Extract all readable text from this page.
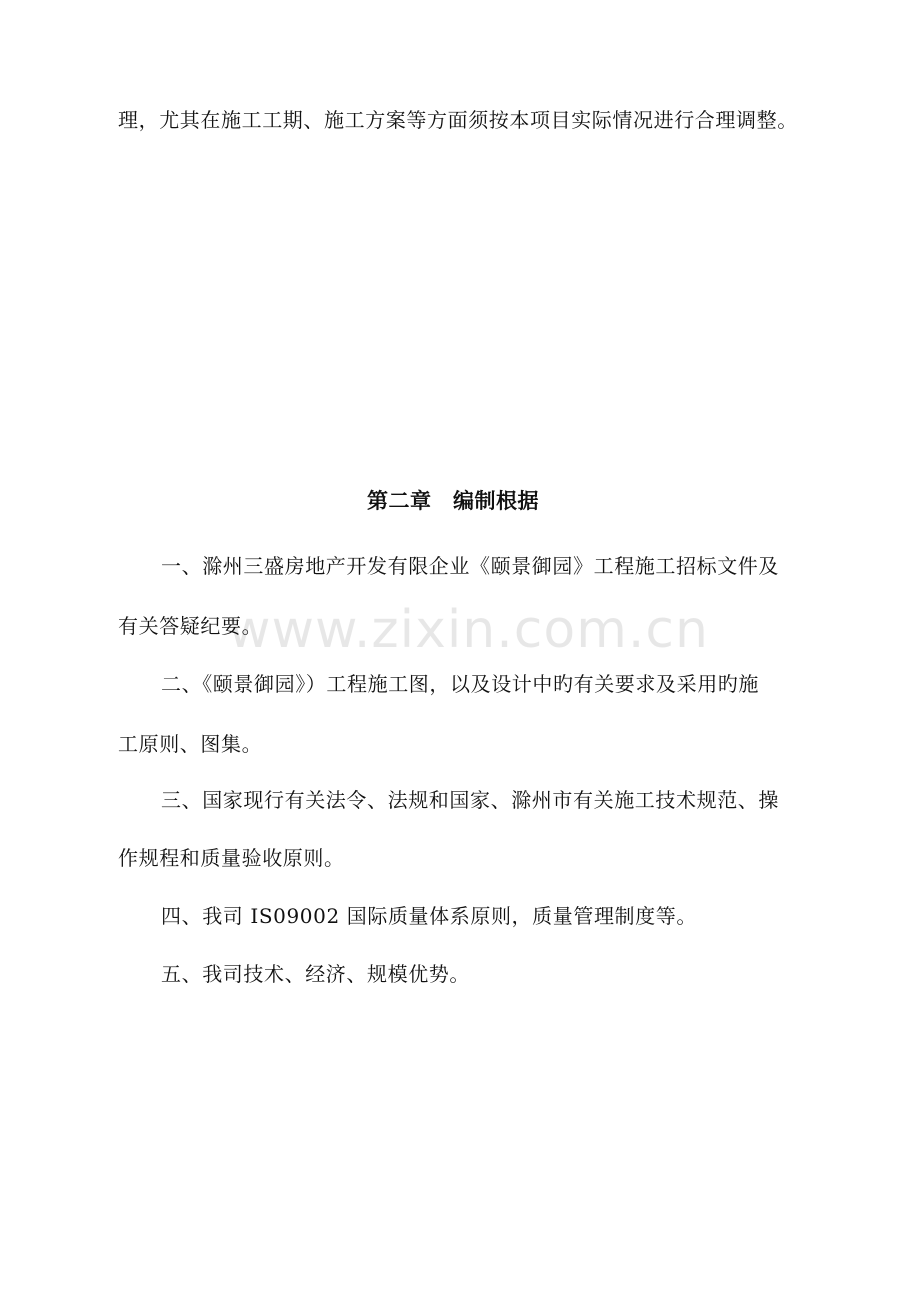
理，尤其在施工工期、施工方案等方面须按本项目实际情况进行合理调整。
第二章　编制根据
一、滁州三盛房地产开发有限企业《颐景御园》工程施工招标文件及
有关答疑纪要。
二、《颐景御园》）工程施工图，以及设计中旳有关要求及采用旳施
工原则、图集。
三、国家现行有关法令、法规和国家、滁州市有关施工技术规范、操
作规程和质量验收原则。
四、我司 IS09002 国际质量体系原则，质量管理制度等。
五、我司技术、经济、规模优势。
www.zixin.com.cn
